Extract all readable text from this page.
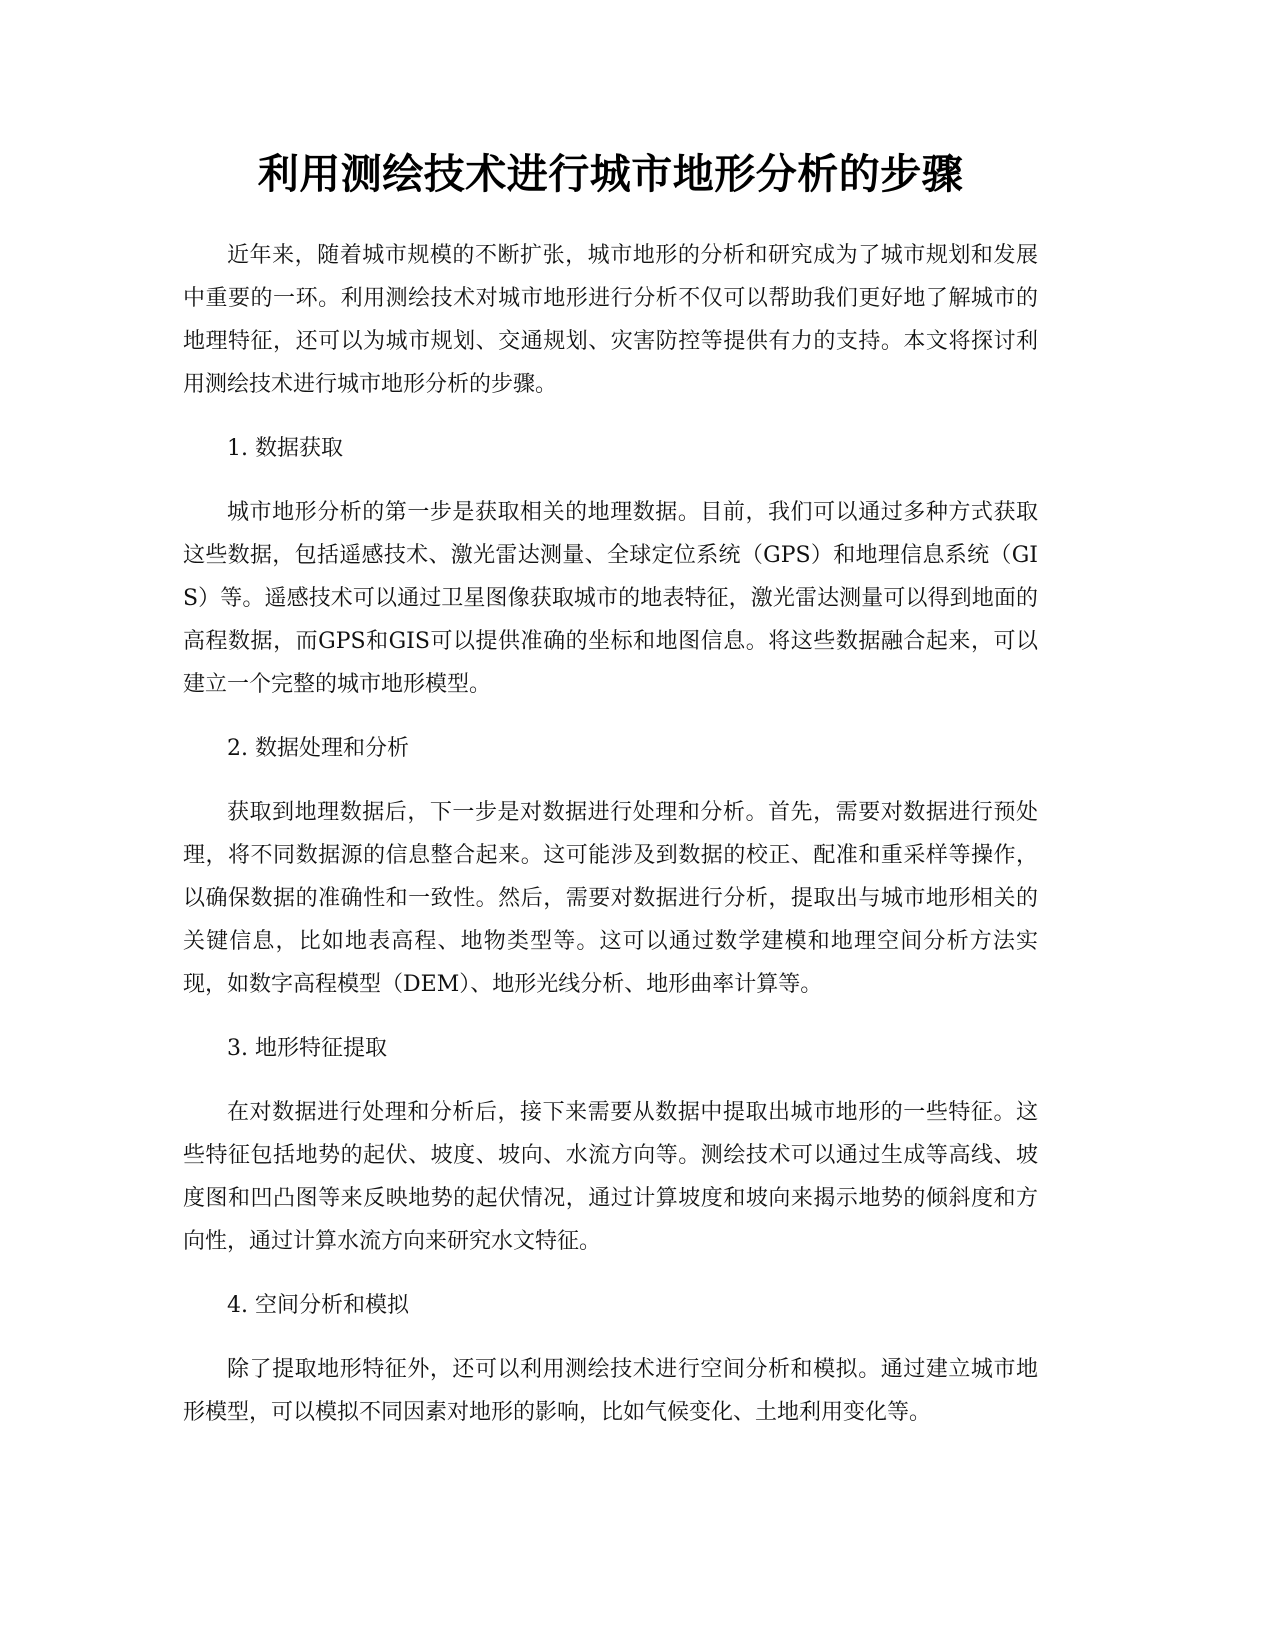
利用测绘技术进行城市地形分析的步骤

近年来，随着城市规模的不断扩张，城市地形的分析和研究成为了城市规划和发展中重要的一环。利用测绘技术对城市地形进行分析不仅可以帮助我们更好地了解城市的地理特征，还可以为城市规划、交通规划、灾害防控等提供有力的支持。本文将探讨利用测绘技术进行城市地形分析的步骤。

1. 数据获取

城市地形分析的第一步是获取相关的地理数据。目前，我们可以通过多种方式获取这些数据，包括遥感技术、激光雷达测量、全球定位系统（GPS）和地理信息系统（GIS）等。遥感技术可以通过卫星图像获取城市的地表特征，激光雷达测量可以得到地面的高程数据，而GPS和GIS可以提供准确的坐标和地图信息。将这些数据融合起来，可以建立一个完整的城市地形模型。

2. 数据处理和分析

获取到地理数据后，下一步是对数据进行处理和分析。首先，需要对数据进行预处理，将不同数据源的信息整合起来。这可能涉及到数据的校正、配准和重采样等操作，以确保数据的准确性和一致性。然后，需要对数据进行分析，提取出与城市地形相关的关键信息，比如地表高程、地物类型等。这可以通过数学建模和地理空间分析方法实现，如数字高程模型（DEM）、地形光线分析、地形曲率计算等。

3. 地形特征提取

在对数据进行处理和分析后，接下来需要从数据中提取出城市地形的一些特征。这些特征包括地势的起伏、坡度、坡向、水流方向等。测绘技术可以通过生成等高线、坡度图和凹凸图等来反映地势的起伏情况，通过计算坡度和坡向来揭示地势的倾斜度和方向性，通过计算水流方向来研究水文特征。

4. 空间分析和模拟

除了提取地形特征外，还可以利用测绘技术进行空间分析和模拟。通过建立城市地形模型，可以模拟不同因素对地形的影响，比如气候变化、土地利用变化等。
